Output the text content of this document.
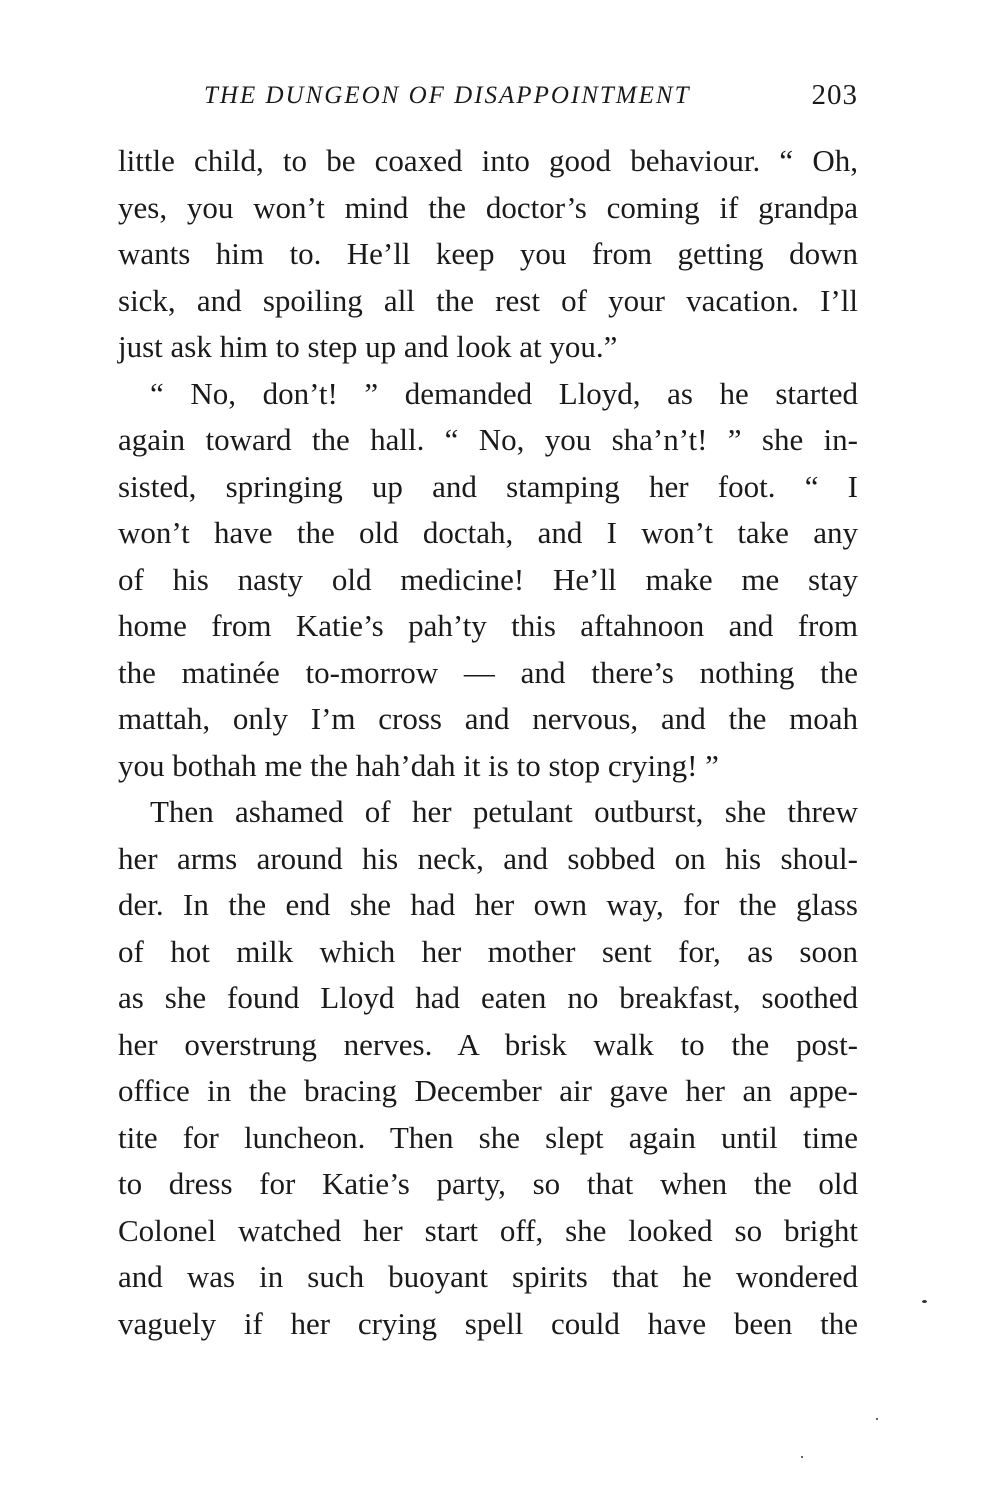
THE DUNGEON OF DISAPPOINTMENT	203
little child, to be coaxed into good behaviour. “ Oh,
yes, you won’t mind the doctor’s coming if grandpa
wants him to. He’ll keep you from getting down
sick, and spoiling all the rest of your vacation. I’ll
just ask him to step up and look at you.”
“ No, don’t! ” demanded Lloyd, as he started
again toward the hall. “ No, you sha’n’t! ” she in-
sisted, springing up and stamping her foot. “ I
won’t have the old doctah, and I won’t take any
of his nasty old medicine! He’ll make me stay
home from Katie’s pah’ty this aftahnoon and from
the matinée to-morrow — and there’s nothing the
mattah, only I’m cross and nervous, and the moah
you bothah me the hah’dah it is to stop crying! ”
Then ashamed of her petulant outburst, she threw
her arms around his neck, and sobbed on his shoul-
der. In the end she had her own way, for the glass
of hot milk which her mother sent for, as soon
as she found Lloyd had eaten no breakfast, soothed
her overstrung nerves. A brisk walk to the post-
office in the bracing December air gave her an appe-
tite for luncheon. Then she slept again until time
to dress for Katie’s party, so that when the old
Colonel watched her start off, she looked so bright
and was in such buoyant spirits that he wondered
vaguely if her crying spell could have been the
